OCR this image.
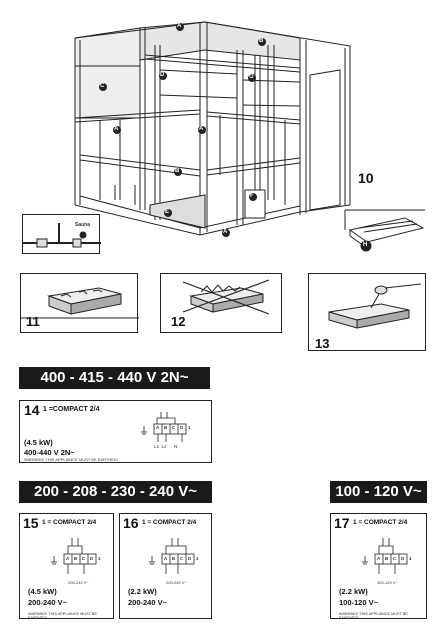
A
B
C
D	G
A	A
B
E
F
A
10
Sauna
H
11	12
13
400 - 415 - 440 V 2N~
14 1 =COMPACT 2/4
A B C D 1
L1  L2      N
(4.5 kW)
400-440 V 2N~
WARNING! THIS APPLIANCE MUST BE EARTHED!
200 - 208 - 230 - 240 V~	100 - 120 V~
15 1 = COMPACT 2/4
A B C D 1
200-240 V~
(4.5 kW)
200-240 V~
WARNING! THIS APPLIANCE MUST BE EARTHED!
16 1 = COMPACT 2/4
A B C D 1
200-240 V~
(2.2 kW)
200-240 V~
17 1 = COMPACT 2/4
A B C D 1
100-120 V~
(2.2 kW)
100-120 V~
WARNING! THIS APPLIANCE MUST BE EARTHED!
